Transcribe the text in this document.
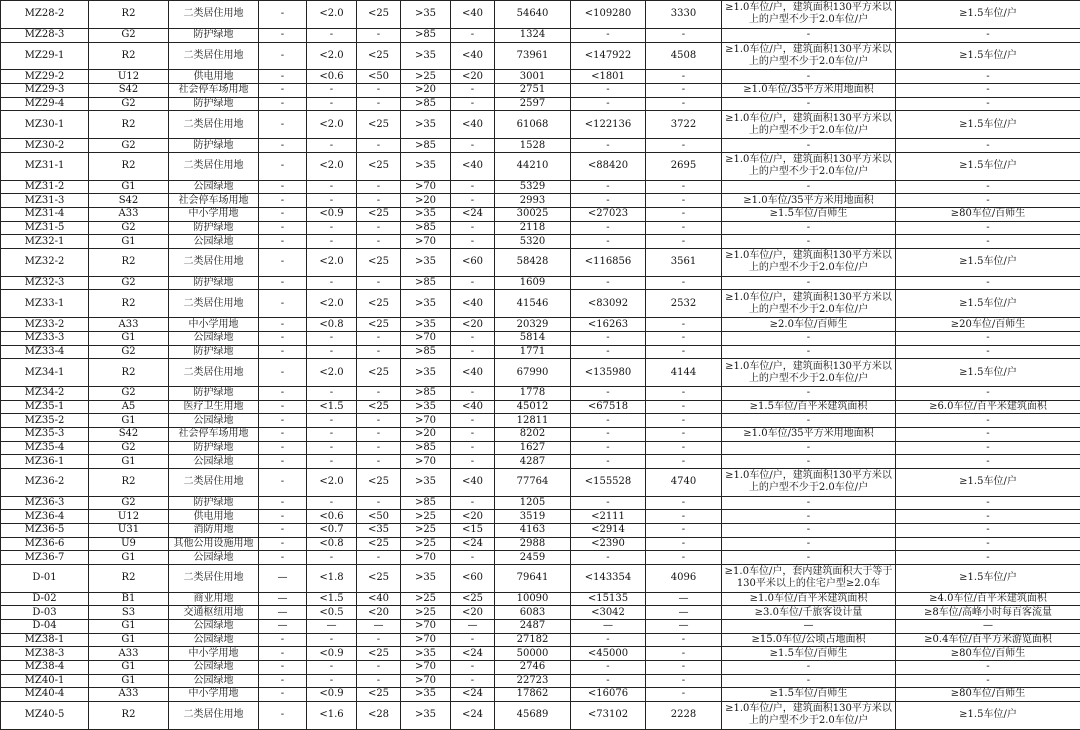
MZ28-2	R2	二类居住用地	-	<2.0	<25	>35	<40	54640	<109280	3330	≥1.0车位/户，建筑面积130平方米以上的户型不少于2.0车位/户	≥1.5车位/户
MZ28-3	G2	防护绿地	-	-	-	>85	-	1324	-	-	-	-
MZ29-1	R2	二类居住用地	-	<2.0	<25	>35	<40	73961	<147922	4508	≥1.0车位/户，建筑面积130平方米以上的户型不少于2.0车位/户	≥1.5车位/户
MZ29-2	U12	供电用地	-	<0.6	<50	>25	<20	3001	<1801	-	-	-
MZ29-3	S42	社会停车场用地	-	-	-	>20	-	2751	-	-	≥1.0车位/35平方米用地面积	-
MZ29-4	G2	防护绿地	-	-	-	>85	-	2597	-	-	-	-
MZ30-1	R2	二类居住用地	-	<2.0	<25	>35	<40	61068	<122136	3722	≥1.0车位/户，建筑面积130平方米以上的户型不少于2.0车位/户	≥1.5车位/户
MZ30-2	G2	防护绿地	-	-	-	>85	-	1528	-	-	-	-
MZ31-1	R2	二类居住用地	-	<2.0	<25	>35	<40	44210	<88420	2695	≥1.0车位/户，建筑面积130平方米以上的户型不少于2.0车位/户	≥1.5车位/户
MZ31-2	G1	公园绿地	-	-	-	>70	-	5329	-	-	-	-
MZ31-3	S42	社会停车场用地	-	-	-	>20	-	2993	-	-	≥1.0车位/35平方米用地面积	-
MZ31-4	A33	中小学用地	-	<0.9	<25	>35	<24	30025	<27023	-	≥1.5车位/百师生	≥80车位/百师生
MZ31-5	G2	防护绿地	-	-	-	>85	-	2118	-	-	-	-
MZ32-1	G1	公园绿地	-	-	-	>70	-	5320	-	-	-	-
MZ32-2	R2	二类居住用地	-	<2.0	<25	>35	<60	58428	<116856	3561	≥1.0车位/户，建筑面积130平方米以上的户型不少于2.0车位/户	≥1.5车位/户
MZ32-3	G2	防护绿地	-	-	-	>85	-	1609	-	-	-	-
MZ33-1	R2	二类居住用地	-	<2.0	<25	>35	<40	41546	<83092	2532	≥1.0车位/户，建筑面积130平方米以上的户型不少于2.0车位/户	≥1.5车位/户
MZ33-2	A33	中小学用地	-	<0.8	<25	>35	<20	20329	<16263	-	≥2.0车位/百师生	≥20车位/百师生
MZ33-3	G1	公园绿地	-	-	-	>70	-	5814	-	-	-	-
MZ33-4	G2	防护绿地	-	-	-	>85	-	1771	-	-	-	-
MZ34-1	R2	二类居住用地	-	<2.0	<25	>35	<40	67990	<135980	4144	≥1.0车位/户，建筑面积130平方米以上的户型不少于2.0车位/户	≥1.5车位/户
MZ34-2	G2	防护绿地	-	-	-	>85	-	1778	-	-	-	-
MZ35-1	A5	医疗卫生用地	-	<1.5	<25	>35	<40	45012	<67518	-	≥1.5车位/百平米建筑面积	≥6.0车位/百平米建筑面积
MZ35-2	G1	公园绿地	-	-	-	>70	-	12811	-	-	-	-
MZ35-3	S42	社会停车场用地	-	-	-	>20	-	8202	-	-	≥1.0车位/35平方米用地面积	-
MZ35-4	G2	防护绿地	-	-	-	>85	-	1627	-	-	-	-
MZ36-1	G1	公园绿地	-	-	-	>70	-	4287	-	-	-	-
MZ36-2	R2	二类居住用地	-	<2.0	<25	>35	<40	77764	<155528	4740	≥1.0车位/户，建筑面积130平方米以上的户型不少于2.0车位/户	≥1.5车位/户
MZ36-3	G2	防护绿地	-	-	-	>85	-	1205	-	-	-	-
MZ36-4	U12	供电用地	-	<0.6	<50	>25	<20	3519	<2111	-	-	-
MZ36-5	U31	消防用地	-	<0.7	<35	>25	<15	4163	<2914	-	-	-
MZ36-6	U9	其他公用设施用地	-	<0.8	<25	>25	<24	2988	<2390	-	-	-
MZ36-7	G1	公园绿地	-	-	-	>70	-	2459	-	-	-	-
D-01	R2	二类居住用地	—	<1.8	<25	>35	<60	79641	<143354	4096	≥1.0车位/户，套内建筑面积大于等于130平米以上的住宅户型≥2.0车	≥1.5车位/户
D-02	B1	商业用地	—	<1.5	<40	>25	<25	10090	<15135	—	≥1.0车位/百平米建筑面积	≥4.0车位/百平米建筑面积
D-03	S3	交通枢纽用地	—	<0.5	<20	>25	<20	6083	<3042	—	≥3.0车位/千旅客设计量	≥8车位/高峰小时每百客流量
D-04	G1	公园绿地	—	—	—	>70	—	2487	—	—	—	—
MZ38-1	G1	公园绿地	-	-	-	>70	-	27182	-	-	≥15.0车位/公顷占地面积	≥0.4车位/百平方米游览面积
MZ38-3	A33	中小学用地	-	<0.9	<25	>35	<24	50000	<45000	-	≥1.5车位/百师生	≥80车位/百师生
MZ38-4	G1	公园绿地	-	-	-	>70	-	2746	-	-	-	-
MZ40-1	G1	公园绿地	-	-	-	>70	-	22723	-	-	-	-
MZ40-4	A33	中小学用地	-	<0.9	<25	>35	<24	17862	<16076	-	≥1.5车位/百师生	≥80车位/百师生
MZ40-5	R2	二类居住用地	-	<1.6	<28	>35	<24	45689	<73102	2228	≥1.0车位/户，建筑面积130平方米以上的户型不少于2.0车位/户	≥1.5车位/户
